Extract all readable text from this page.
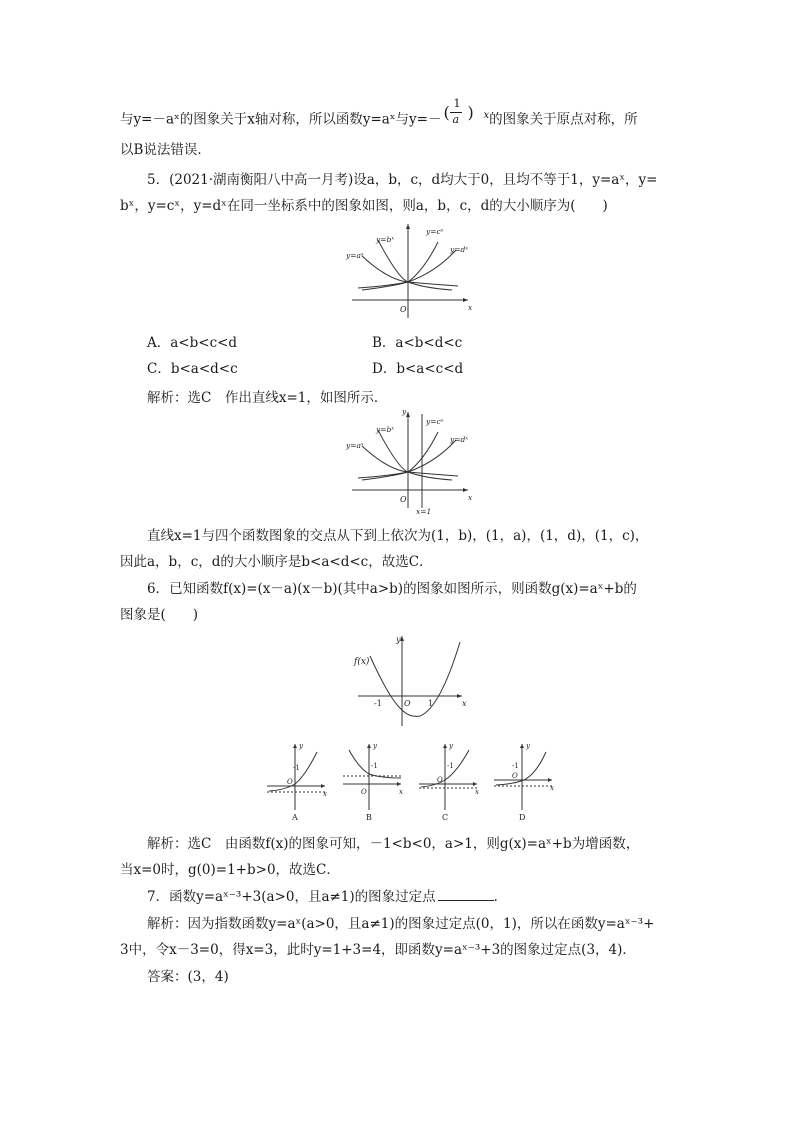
与y=－aˣ的图象关于x轴对称，所以函数y=aˣ与y=－ ( 1
a ) $^x$的图象关于原点对称，所
以B说法错误．
5．(2021·湖南衡阳八中高一月考)设a，b，c，d均大于0，且均不等于1，y=aˣ，y=
bˣ，y=cˣ，y=dˣ在同一坐标系中的图象如图，则a，b，c，d的大小顺序为(　　)
y=aˣ
y=bˣ
y=cˣ
y=dˣ
x
O
A．a<b<c<d	B．a<b<d<c
C．b<a<d<c	D．b<a<c<d
解析：选C　作出直线x=1，如图所示．
y=aˣ
y=bˣ
y=cˣ
y=dˣ
y
x
O
x=1
直线x=1与四个函数图象的交点从下到上依次为(1，b)，(1，a)，(1，d)，(1，c)，
因此a，b，c，d的大小顺序是b<a<d<c，故选C．
6．已知函数f(x)=(x－a)(x－b)(其中a>b)的图象如图所示，则函数g(x)=aˣ+b的
图象是(　　)
y
x
f(x)
-1	1
O
y
x
-1
O
A
y
x
-1
O
B
y
x
-1
O
C
y
x
-1
O
D
解析：选C　由函数f(x)的图象可知，－1<b<0，a>1，则g(x)=aˣ+b为增函数，
当x=0时，g(0)=1+b>0，故选C．
7．函数y=aˣ⁻³+3(a>0，且a≠1)的图象过定点	．
解析：因为指数函数y=aˣ(a>0，且a≠1)的图象过定点(0，1)，所以在函数y=aˣ⁻³+
3中，令x－3=0，得x=3，此时y=1+3=4，即函数y=aˣ⁻³+3的图象过定点(3，4)．
答案：(3，4)
